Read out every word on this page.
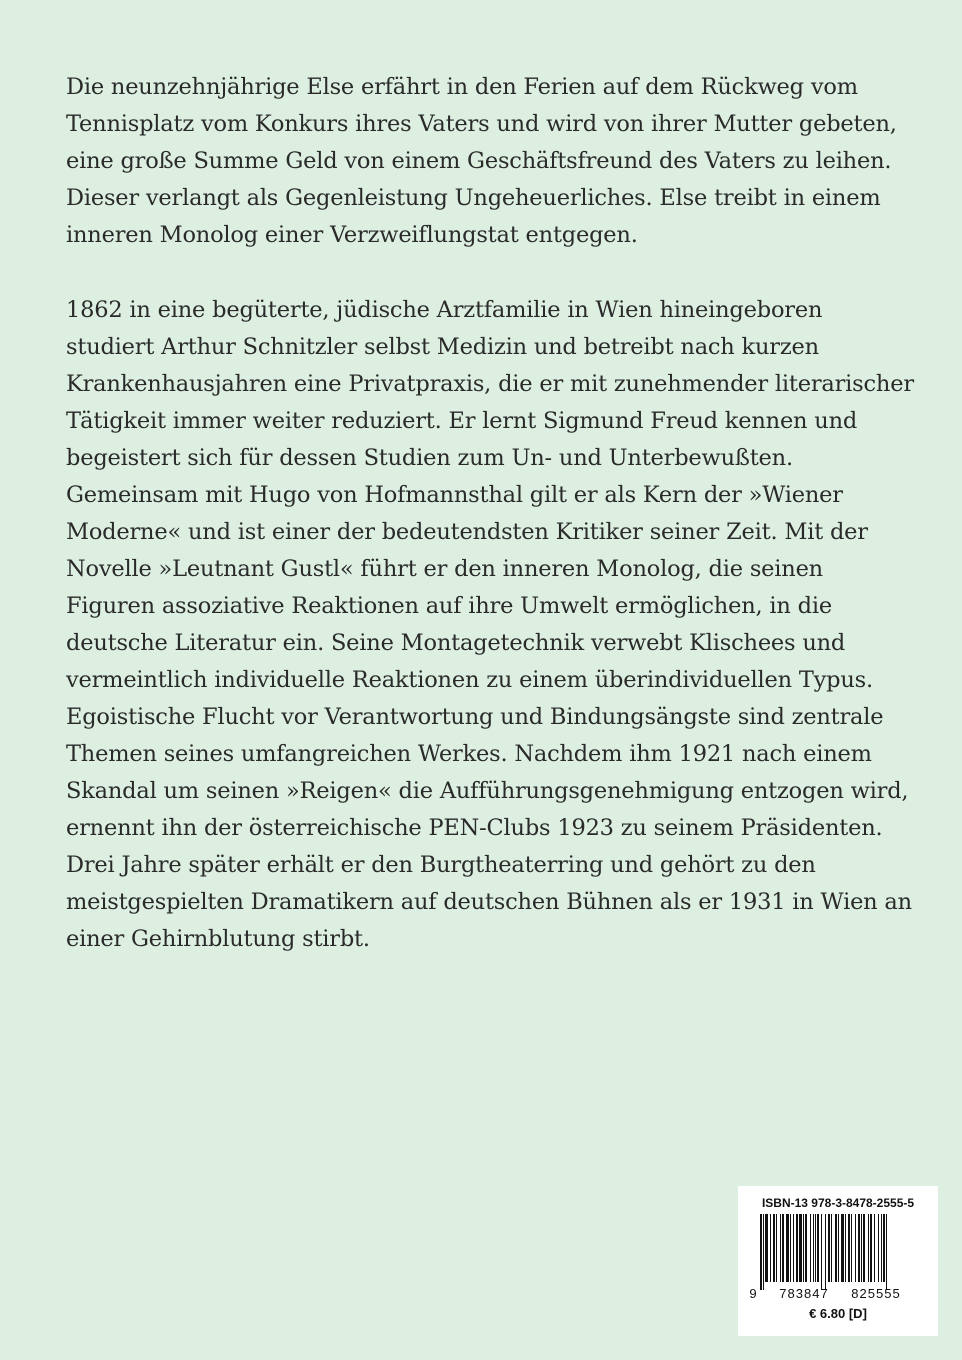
Die neunzehnjährige Else erfährt in den Ferien auf dem Rückweg vom
Tennisplatz vom Konkurs ihres Vaters und wird von ihrer Mutter gebeten,
eine große Summe Geld von einem Geschäftsfreund des Vaters zu leihen.
Dieser verlangt als Gegenleistung Ungeheuerliches. Else treibt in einem
inneren Monolog einer Verzweiflungstat entgegen.
1862 in eine begüterte, jüdische Arztfamilie in Wien hineingeboren
studiert Arthur Schnitzler selbst Medizin und betreibt nach kurzen
Krankenhausjahren eine Privatpraxis, die er mit zunehmender literarischer
Tätigkeit immer weiter reduziert. Er lernt Sigmund Freud kennen und
begeistert sich für dessen Studien zum Un- und Unterbewußten.
Gemeinsam mit Hugo von Hofmannsthal gilt er als Kern der »Wiener
Moderne« und ist einer der bedeutendsten Kritiker seiner Zeit. Mit der
Novelle »Leutnant Gustl« führt er den inneren Monolog, die seinen
Figuren assoziative Reaktionen auf ihre Umwelt ermöglichen, in die
deutsche Literatur ein. Seine Montagetechnik verwebt Klischees und
vermeintlich individuelle Reaktionen zu einem überindividuellen Typus.
Egoistische Flucht vor Verantwortung und Bindungsängste sind zentrale
Themen seines umfangreichen Werkes. Nachdem ihm 1921 nach einem
Skandal um seinen »Reigen« die Aufführungsgenehmigung entzogen wird,
ernennt ihn der österreichische PEN-Clubs 1923 zu seinem Präsidenten.
Drei Jahre später erhält er den Burgtheaterring und gehört zu den
meistgespielten Dramatikern auf deutschen Bühnen als er 1931 in Wien an
einer Gehirnblutung stirbt.
ISBN-13 978-3-8478-2555-5
9 783847 825555
€ 6.80 [D]
